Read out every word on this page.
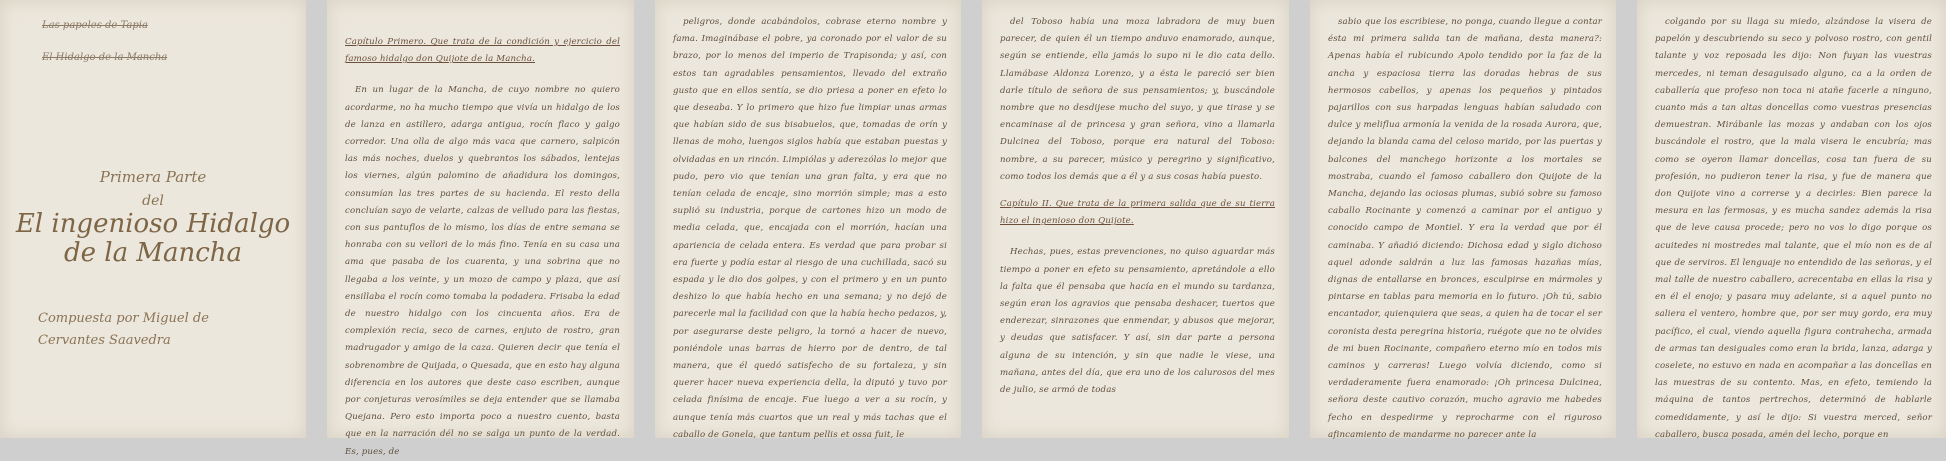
Las papeles de Tapia
El Hidalgo de la Mancha
Primera Parte
del
El ingenioso Hidalgo de la Mancha
Compuesta por Miguel de Cervantes Saavedra

Capítulo Primero. Que trata de la condición y ejercicio del famoso hidalgo don Quijote de la Mancha.

En un lugar de la Mancha, de cuyo nombre no quiero acordarme, no ha mucho tiempo que vivía un hidalgo de los de lanza en astillero, adarga antigua, rocín flaco y galgo corredor. Una olla de algo más vaca que carnero, salpicón las más noches, duelos y quebrantos los sábados, lentejas los viernes, algún palomino de añadidura los domingos, consumían las tres partes de su hacienda. El resto della concluían sayo de velarte, calzas de velludo para las fiestas, con sus pantuflos de lo mismo, los días de entre semana se honraba con su vellori de lo más fino. Tenía en su casa una ama que pasaba de los cuarenta, y una sobrina que no llegaba a los veinte, y un mozo de campo y plaza, que así ensillaba el rocín como tomaba la podadera. Frisaba la edad de nuestro hidalgo con los cincuenta años. Era de complexión recia, seco de carnes, enjuto de rostro, gran madrugador y amigo de la caza. Quieren decir que tenía el sobrenombre de Quijada, o Quesada, que en esto hay alguna diferencia en los autores que deste caso escriben, aunque por conjeturas verosímiles se deja entender que se llamaba Quejana. Pero esto importa poco a nuestro cuento, basta que en la narración dél no se salga un punto de la verdad. Es, pues, de

peligros, donde acabándolos, cobrase eterno nombre y fama. Imaginábase el pobre, ya coronado por el valor de su brazo, por lo menos del imperio de Trapisonda; y así, con estos tan agradables pensamientos, llevado del extraño gusto que en ellos sentía, se dio priesa a poner en efeto lo que deseaba. Y lo primero que hizo fue limpiar unas armas que habían sido de sus bisabuelos, que, tomadas de orín y llenas de moho, luengos siglos había que estaban puestas y olvidadas en un rincón. Limpiólas y aderezólas lo mejor que pudo, pero vio que tenían una gran falta, y era que no tenían celada de encaje, sino morrión simple; mas a esto suplió su industria, porque de cartones hizo un modo de media celada, que, encajada con el morrión, hacían una apariencia de celada entera. Es verdad que para probar si era fuerte y podía estar al riesgo de una cuchillada, sacó su espada y le dio dos golpes, y con el primero y en un punto deshizo lo que había hecho en una semana; y no dejó de parecerle mal la facilidad con que la había hecho pedazos, y, por asegurarse deste peligro, la tornó a hacer de nuevo, poniéndole unas barras de hierro por de dentro, de tal manera, que él quedó satisfecho de su fortaleza, y sin querer hacer nueva experiencia della, la diputó y tuvo por celada finísima de encaje. Fue luego a ver a su rocín, y aunque tenía más cuartos que un real y más tachas que el caballo de Gonela, que tantum pellis et ossa fuit, le

del Toboso había una moza labradora de muy buen parecer, de quien él un tiempo anduvo enamorado, aunque, según se entiende, ella jamás lo supo ni le dio cata dello. Llamábase Aldonza Lorenzo, y a ésta le pareció ser bien darle título de señora de sus pensamientos; y, buscándole nombre que no desdijese mucho del suyo, y que tirase y se encaminase al de princesa y gran señora, vino a llamarla Dulcinea del Toboso, porque era natural del Toboso: nombre, a su parecer, músico y peregrino y significativo, como todos los demás que a él y a sus cosas había puesto.

Capítulo II. Que trata de la primera salida que de su tierra hizo el ingenioso don Quijote.

Hechas, pues, estas prevenciones, no quiso aguardar más tiempo a poner en efeto su pensamiento, apretándole a ello la falta que él pensaba que hacía en el mundo su tardanza, según eran los agravios que pensaba deshacer, tuertos que enderezar, sinrazones que enmendar, y abusos que mejorar, y deudas que satisfacer. Y así, sin dar parte a persona alguna de su intención, y sin que nadie le viese, una mañana, antes del día, que era uno de los calurosos del mes de julio, se armó de todas

sabio que los escribiese, no ponga, cuando llegue a contar ésta mi primera salida tan de mañana, desta manera?: Apenas había el rubicundo Apolo tendido por la faz de la ancha y espaciosa tierra las doradas hebras de sus hermosos cabellos, y apenas los pequeños y pintados pajarillos con sus harpadas lenguas habían saludado con dulce y meliflua armonía la venida de la rosada Aurora, que, dejando la blanda cama del celoso marido, por las puertas y balcones del manchego horizonte a los mortales se mostraba, cuando el famoso caballero don Quijote de la Mancha, dejando las ociosas plumas, subió sobre su famoso caballo Rocinante y comenzó a caminar por el antiguo y conocido campo de Montiel. Y era la verdad que por él caminaba. Y añadió diciendo: Dichosa edad y siglo dichoso aquel adonde saldrán a luz las famosas hazañas mías, dignas de entallarse en bronces, esculpirse en mármoles y pintarse en tablas para memoria en lo futuro. ¡Oh tú, sabio encantador, quienquiera que seas, a quien ha de tocar el ser coronista desta peregrina historia, ruégote que no te olvides de mi buen Rocinante, compañero eterno mío en todos mis caminos y carreras! Luego volvía diciendo, como si verdaderamente fuera enamorado: ¡Oh princesa Dulcinea, señora deste cautivo corazón, mucho agravio me habedes fecho en despedirme y reprocharme con el riguroso afincamiento de mandarme no parecer ante la

colgando por su llaga su miedo, alzándose la visera de papelón y descubriendo su seco y polvoso rostro, con gentil talante y voz reposada les dijo: Non fuyan las vuestras mercedes, ni teman desaguisado alguno, ca a la orden de caballería que profeso non toca ni atañe facerle a ninguno, cuanto más a tan altas doncellas como vuestras presencias demuestran. Mirábanle las mozas y andaban con los ojos buscándole el rostro, que la mala visera le encubría; mas como se oyeron llamar doncellas, cosa tan fuera de su profesión, no pudieron tener la risa, y fue de manera que don Quijote vino a correrse y a decirles: Bien parece la mesura en las fermosas, y es mucha sandez además la risa que de leve causa procede; pero no vos lo digo porque os acuitedes ni mostredes mal talante, que el mío non es de al que de serviros. El lenguaje no entendido de las señoras, y el mal talle de nuestro caballero, acrecentaba en ellas la risa y en él el enojo; y pasara muy adelante, si a aquel punto no saliera el ventero, hombre que, por ser muy gordo, era muy pacífico, el cual, viendo aquella figura contrahecha, armada de armas tan desiguales como eran la brida, lanza, adarga y coselete, no estuvo en nada en acompañar a las doncellas en las muestras de su contento. Mas, en efeto, temiendo la máquina de tantos pertrechos, determinó de hablarle comedidamente, y así le dijo: Si vuestra merced, señor caballero, busca posada, amén del lecho, porque en
